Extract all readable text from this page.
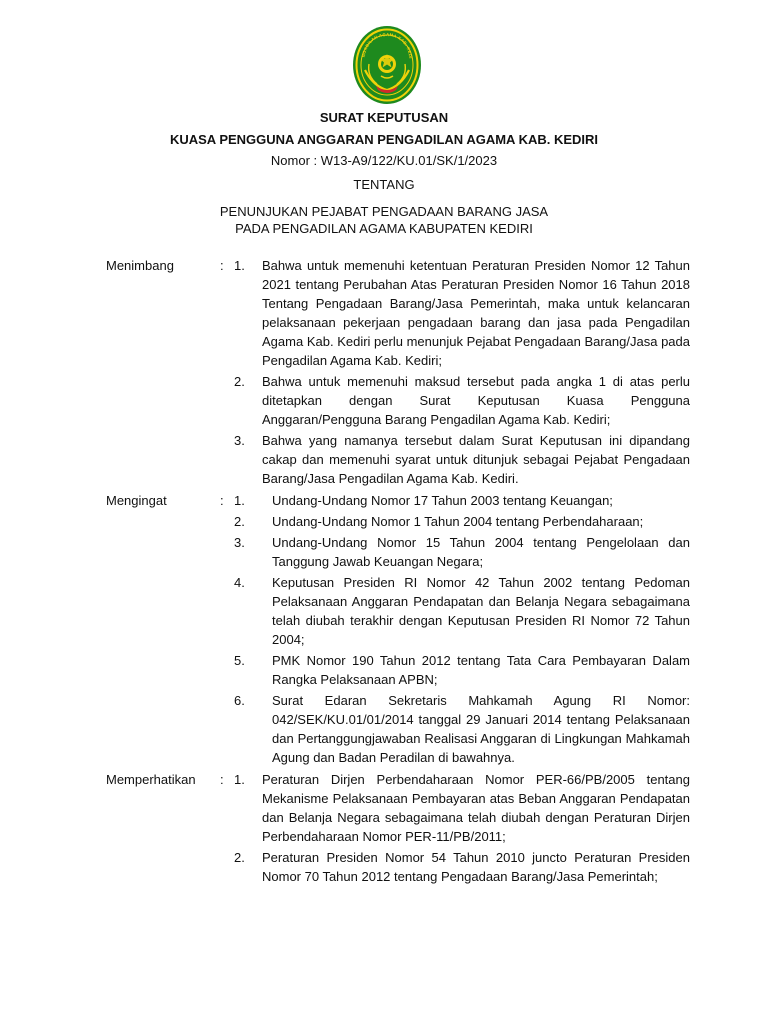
NGADILAN AGAMA KAB. KEDI
SURAT KEPUTUSAN
KUASA PENGGUNA ANGGARAN PENGADILAN AGAMA KAB. KEDIRI
Nomor : W13-A9/122/KU.01/SK/1/2023
TENTANG
PENUNJUKAN PEJABAT PENGADAAN BARANG JASA
PADA PENGADILAN AGAMA KABUPATEN KEDIRI
Menimbang	: 1.	Bahwa untuk memenuhi ketentuan Peraturan Presiden Nomor 12 Tahun 2021 tentang Perubahan Atas Peraturan Presiden Nomor 16 Tahun 2018 Tentang Pengadaan Barang/Jasa Pemerintah, maka untuk kelancaran pelaksanaan pekerjaan pengadaan barang dan jasa pada Pengadilan Agama Kab. Kediri perlu menunjuk Pejabat Pengadaan Barang/Jasa pada Pengadilan Agama Kab. Kediri;
2.	Bahwa untuk memenuhi maksud tersebut pada angka 1 di atas perlu ditetapkan dengan Surat Keputusan Kuasa Pengguna Anggaran/Pengguna Barang Pengadilan Agama Kab. Kediri;
3.	Bahwa yang namanya tersebut dalam Surat Keputusan ini dipandang cakap dan memenuhi syarat untuk ditunjuk sebagai Pejabat Pengadaan Barang/Jasa Pengadilan Agama Kab. Kediri.
Mengingat	: 1.	Undang-Undang Nomor 17 Tahun 2003 tentang Keuangan;
2.	Undang-Undang Nomor 1 Tahun 2004 tentang Perbendaharaan;
3.	Undang-Undang Nomor 15 Tahun 2004 tentang Pengelolaan dan Tanggung Jawab Keuangan Negara;
4.	Keputusan Presiden RI Nomor 42 Tahun 2002 tentang Pedoman Pelaksanaan Anggaran Pendapatan dan Belanja Negara sebagaimana telah diubah terakhir dengan Keputusan Presiden RI Nomor 72 Tahun 2004;
5.	PMK Nomor 190 Tahun 2012 tentang Tata Cara Pembayaran Dalam Rangka Pelaksanaan APBN;
6.	Surat Edaran Sekretaris Mahkamah Agung RI Nomor: 042/SEK/KU.01/01/2014 tanggal 29 Januari 2014 tentang Pelaksanaan dan Pertanggungjawaban Realisasi Anggaran di Lingkungan Mahkamah Agung dan Badan Peradilan di bawahnya.
Memperhatikan	: 1.	Peraturan Dirjen Perbendaharaan Nomor PER-66/PB/2005 tentang Mekanisme Pelaksanaan Pembayaran atas Beban Anggaran Pendapatan dan Belanja Negara sebagaimana telah diubah dengan Peraturan Dirjen Perbendaharaan Nomor PER-11/PB/2011;
2.	Peraturan Presiden Nomor 54 Tahun 2010 juncto Peraturan Presiden Nomor 70 Tahun 2012 tentang Pengadaan Barang/Jasa Pemerintah;
